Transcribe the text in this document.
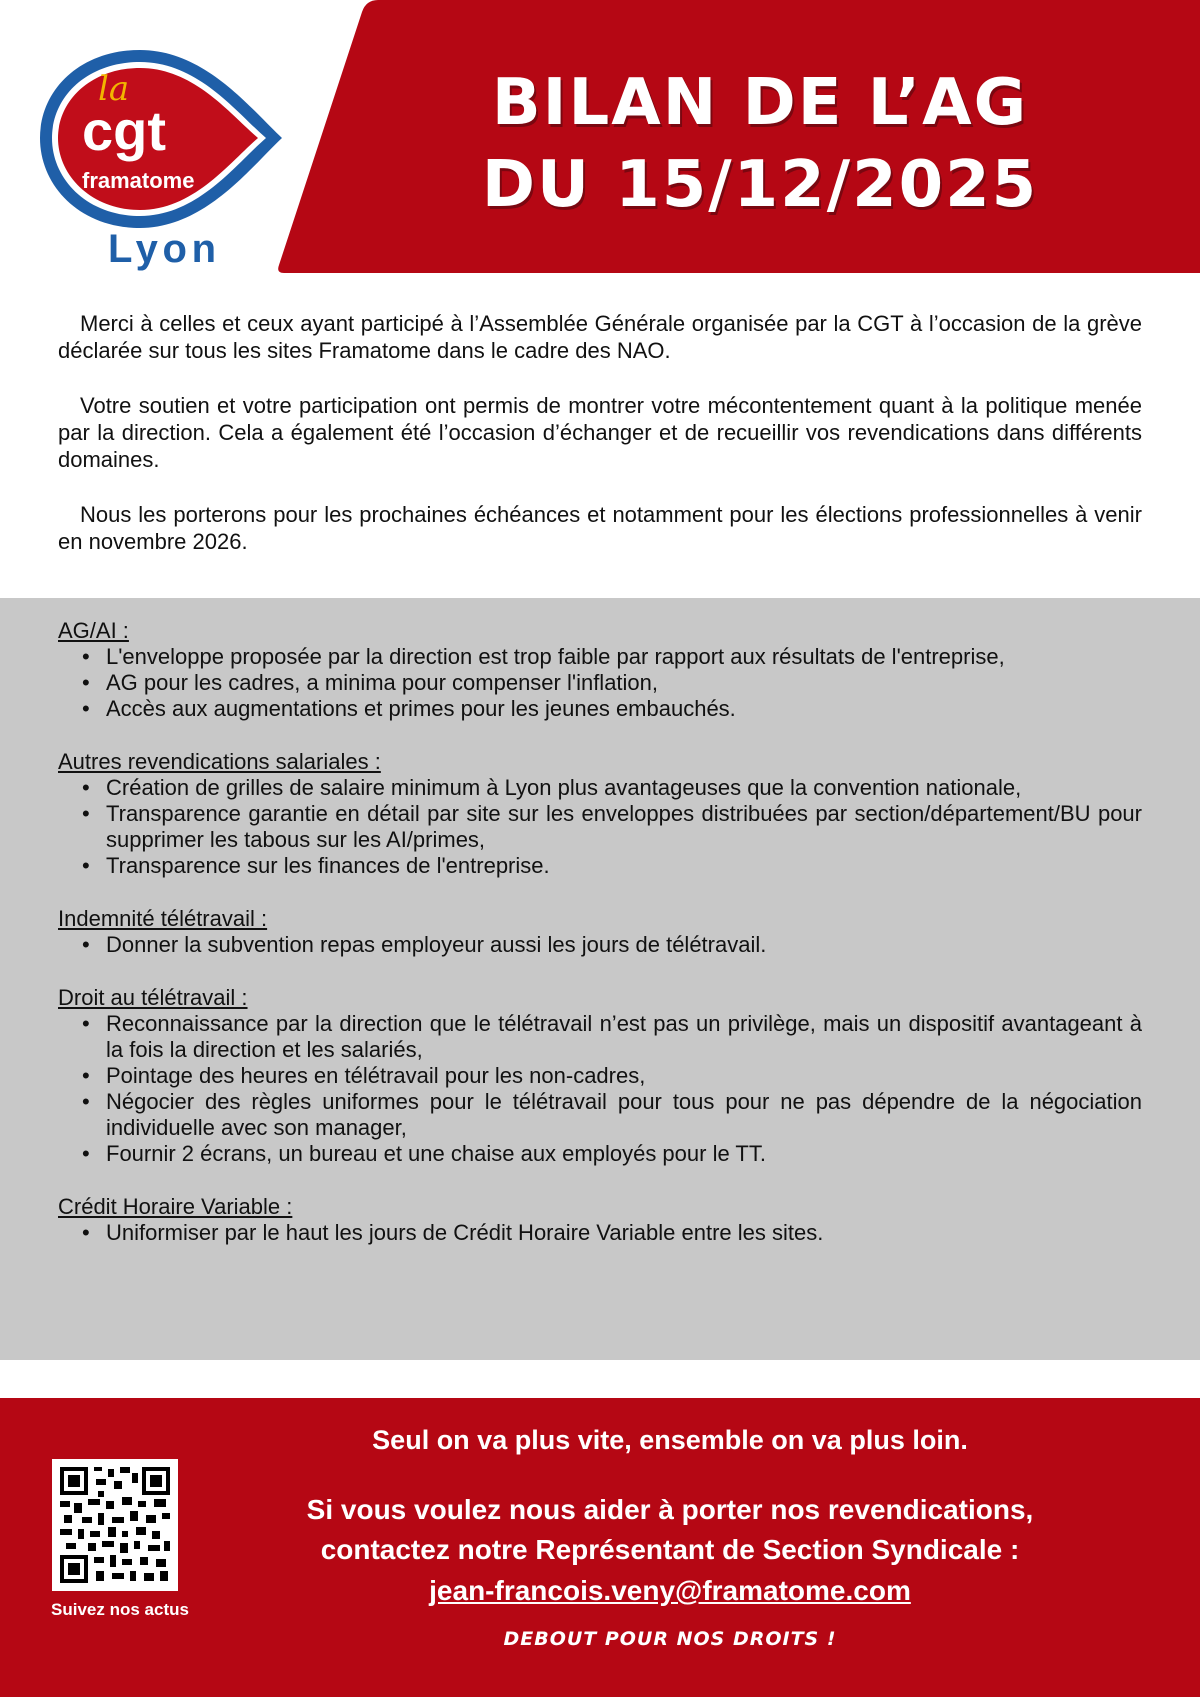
la
cgt
framatome
Lyon
BILAN DE L’AG
DU 15/12/2025

Merci à celles et ceux ayant participé à l’Assemblée Générale organisée par la CGT à l’occasion de la grève déclarée sur tous les sites Framatome dans le cadre des NAO.

Votre soutien et votre participation ont permis de montrer votre mécontentement quant à la politique menée par la direction. Cela a également été l’occasion d’échanger et de recueillir vos revendications dans différents domaines.

Nous les porterons pour les prochaines échéances et notamment pour les élections professionnelles à venir en novembre 2026.

AG/AI :
• L'enveloppe proposée par la direction est trop faible par rapport aux résultats de l'entreprise,
• AG pour les cadres, a minima pour compenser l'inflation,
• Accès aux augmentations et primes pour les jeunes embauchés.
Autres revendications salariales :
• Création de grilles de salaire minimum à Lyon plus avantageuses que la convention nationale,
• Transparence garantie en détail par site sur les enveloppes distribuées par section/département/BU pour supprimer les tabous sur les AI/primes,
• Transparence sur les finances de l'entreprise.
Indemnité télétravail :
• Donner la subvention repas employeur aussi les jours de télétravail.
Droit au télétravail :
• Reconnaissance par la direction que le télétravail n’est pas un privilège, mais un dispositif avantageant à la fois la direction et les salariés,
• Pointage des heures en télétravail pour les non-cadres,
• Négocier des règles uniformes pour le télétravail pour tous pour ne pas dépendre de la négociation individuelle avec son manager,
• Fournir 2 écrans, un bureau et une chaise aux employés pour le TT.
Crédit Horaire Variable :
• Uniformiser par le haut les jours de Crédit Horaire Variable entre les sites.
Suivez nos actus
Seul on va plus vite, ensemble on va plus loin.
Si vous voulez nous aider à porter nos revendications,
contactez notre Représentant de Section Syndicale :
jean-francois.veny@framatome.com
DEBOUT POUR NOS DROITS !
